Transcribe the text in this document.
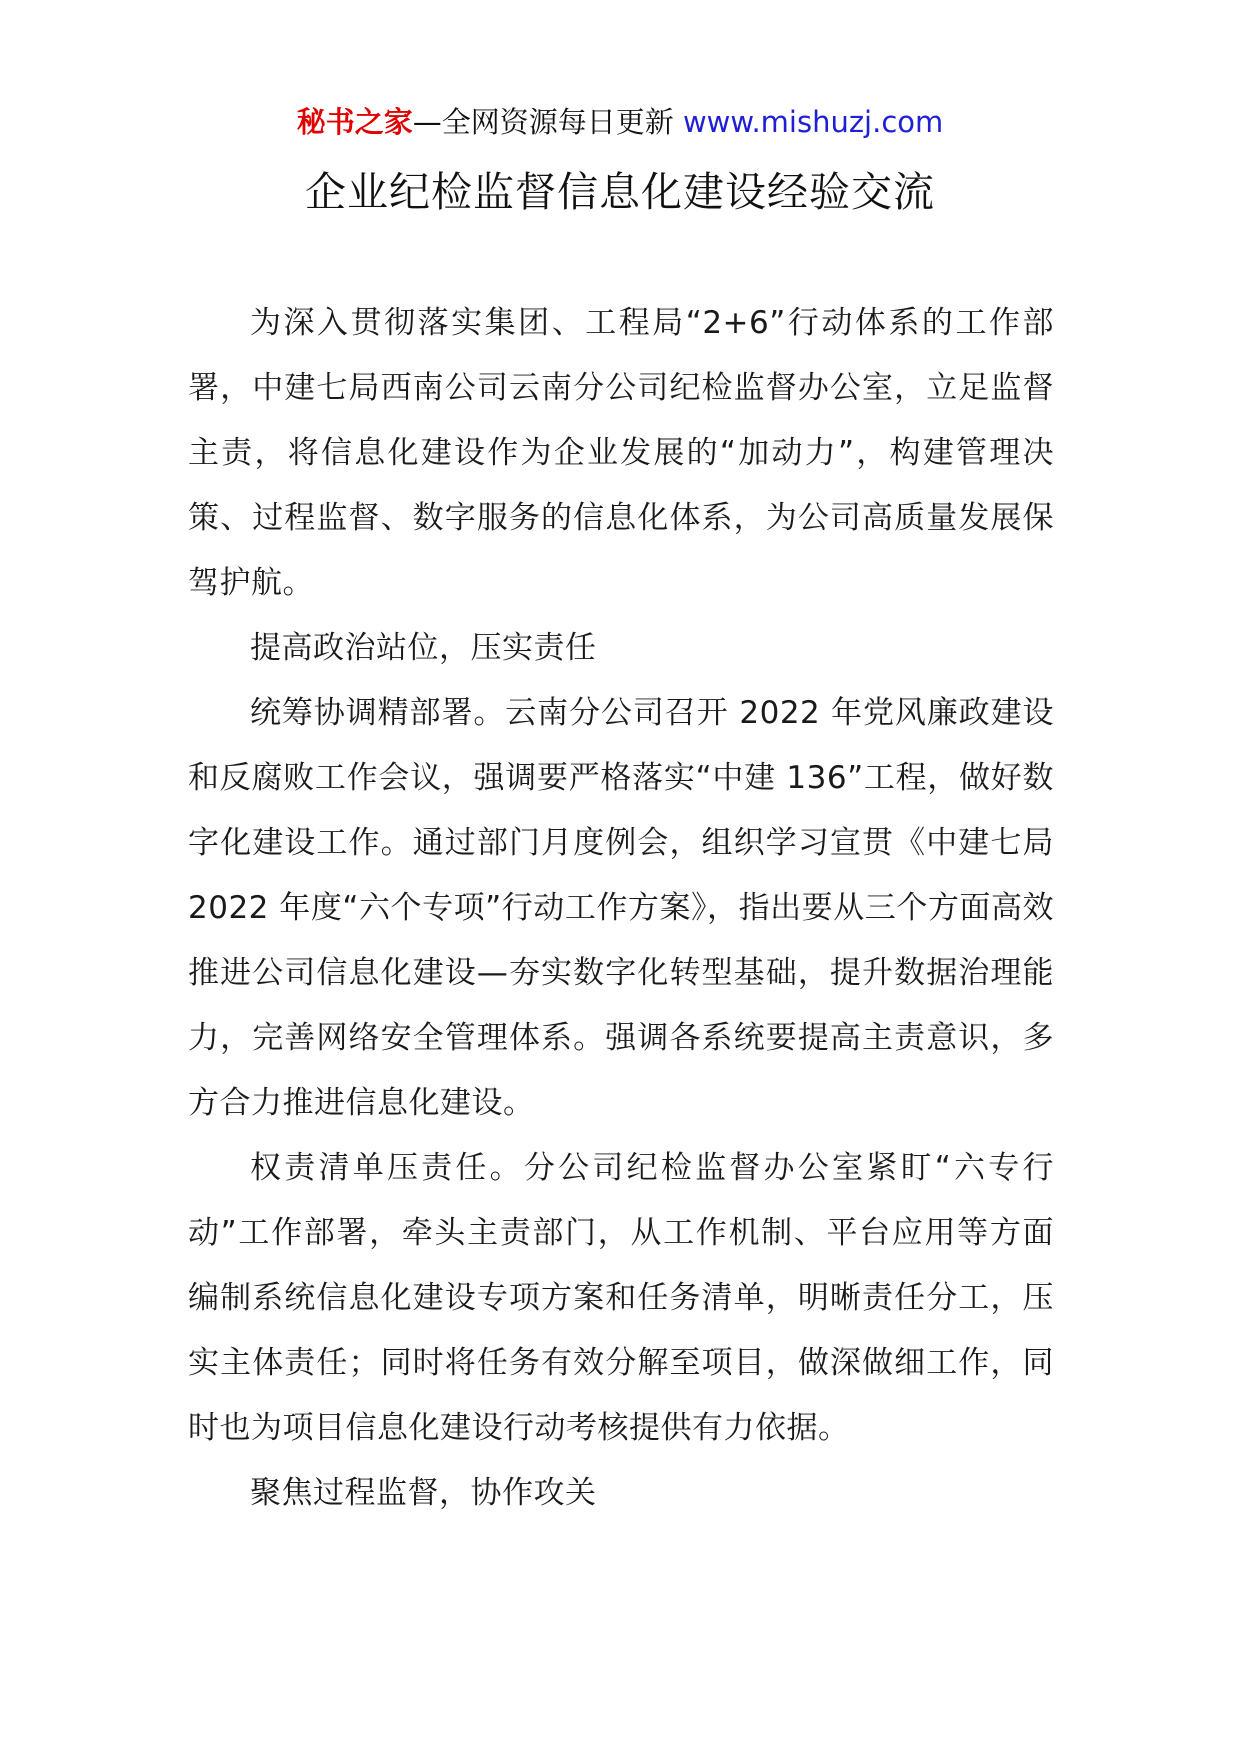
秘书之家—全网资源每日更新 www.mishuzj.com
企业纪检监督信息化建设经验交流

为深入贯彻落实集团、工程局“2+6”行动体系的工作部署，中建七局西南公司云南分公司纪检监督办公室，立足监督主责，将信息化建设作为企业发展的“加动力”，构建管理决策、过程监督、数字服务的信息化体系，为公司高质量发展保驾护航。

提高政治站位，压实责任

统筹协调精部署。云南分公司召开 2022 年党风廉政建设和反腐败工作会议，强调要严格落实“中建 136”工程，做好数字化建设工作。通过部门月度例会，组织学习宣贯《中建七局 2022 年度“六个专项”行动工作方案》，指出要从三个方面高效推进公司信息化建设—夯实数字化转型基础，提升数据治理能力，完善网络安全管理体系。强调各系统要提高主责意识，多方合力推进信息化建设。

权责清单压责任。分公司纪检监督办公室紧盯“六专行动”工作部署，牵头主责部门，从工作机制、平台应用等方面编制系统信息化建设专项方案和任务清单，明晰责任分工，压实主体责任；同时将任务有效分解至项目，做深做细工作，同时也为项目信息化建设行动考核提供有力依据。

聚焦过程监督，协作攻关
